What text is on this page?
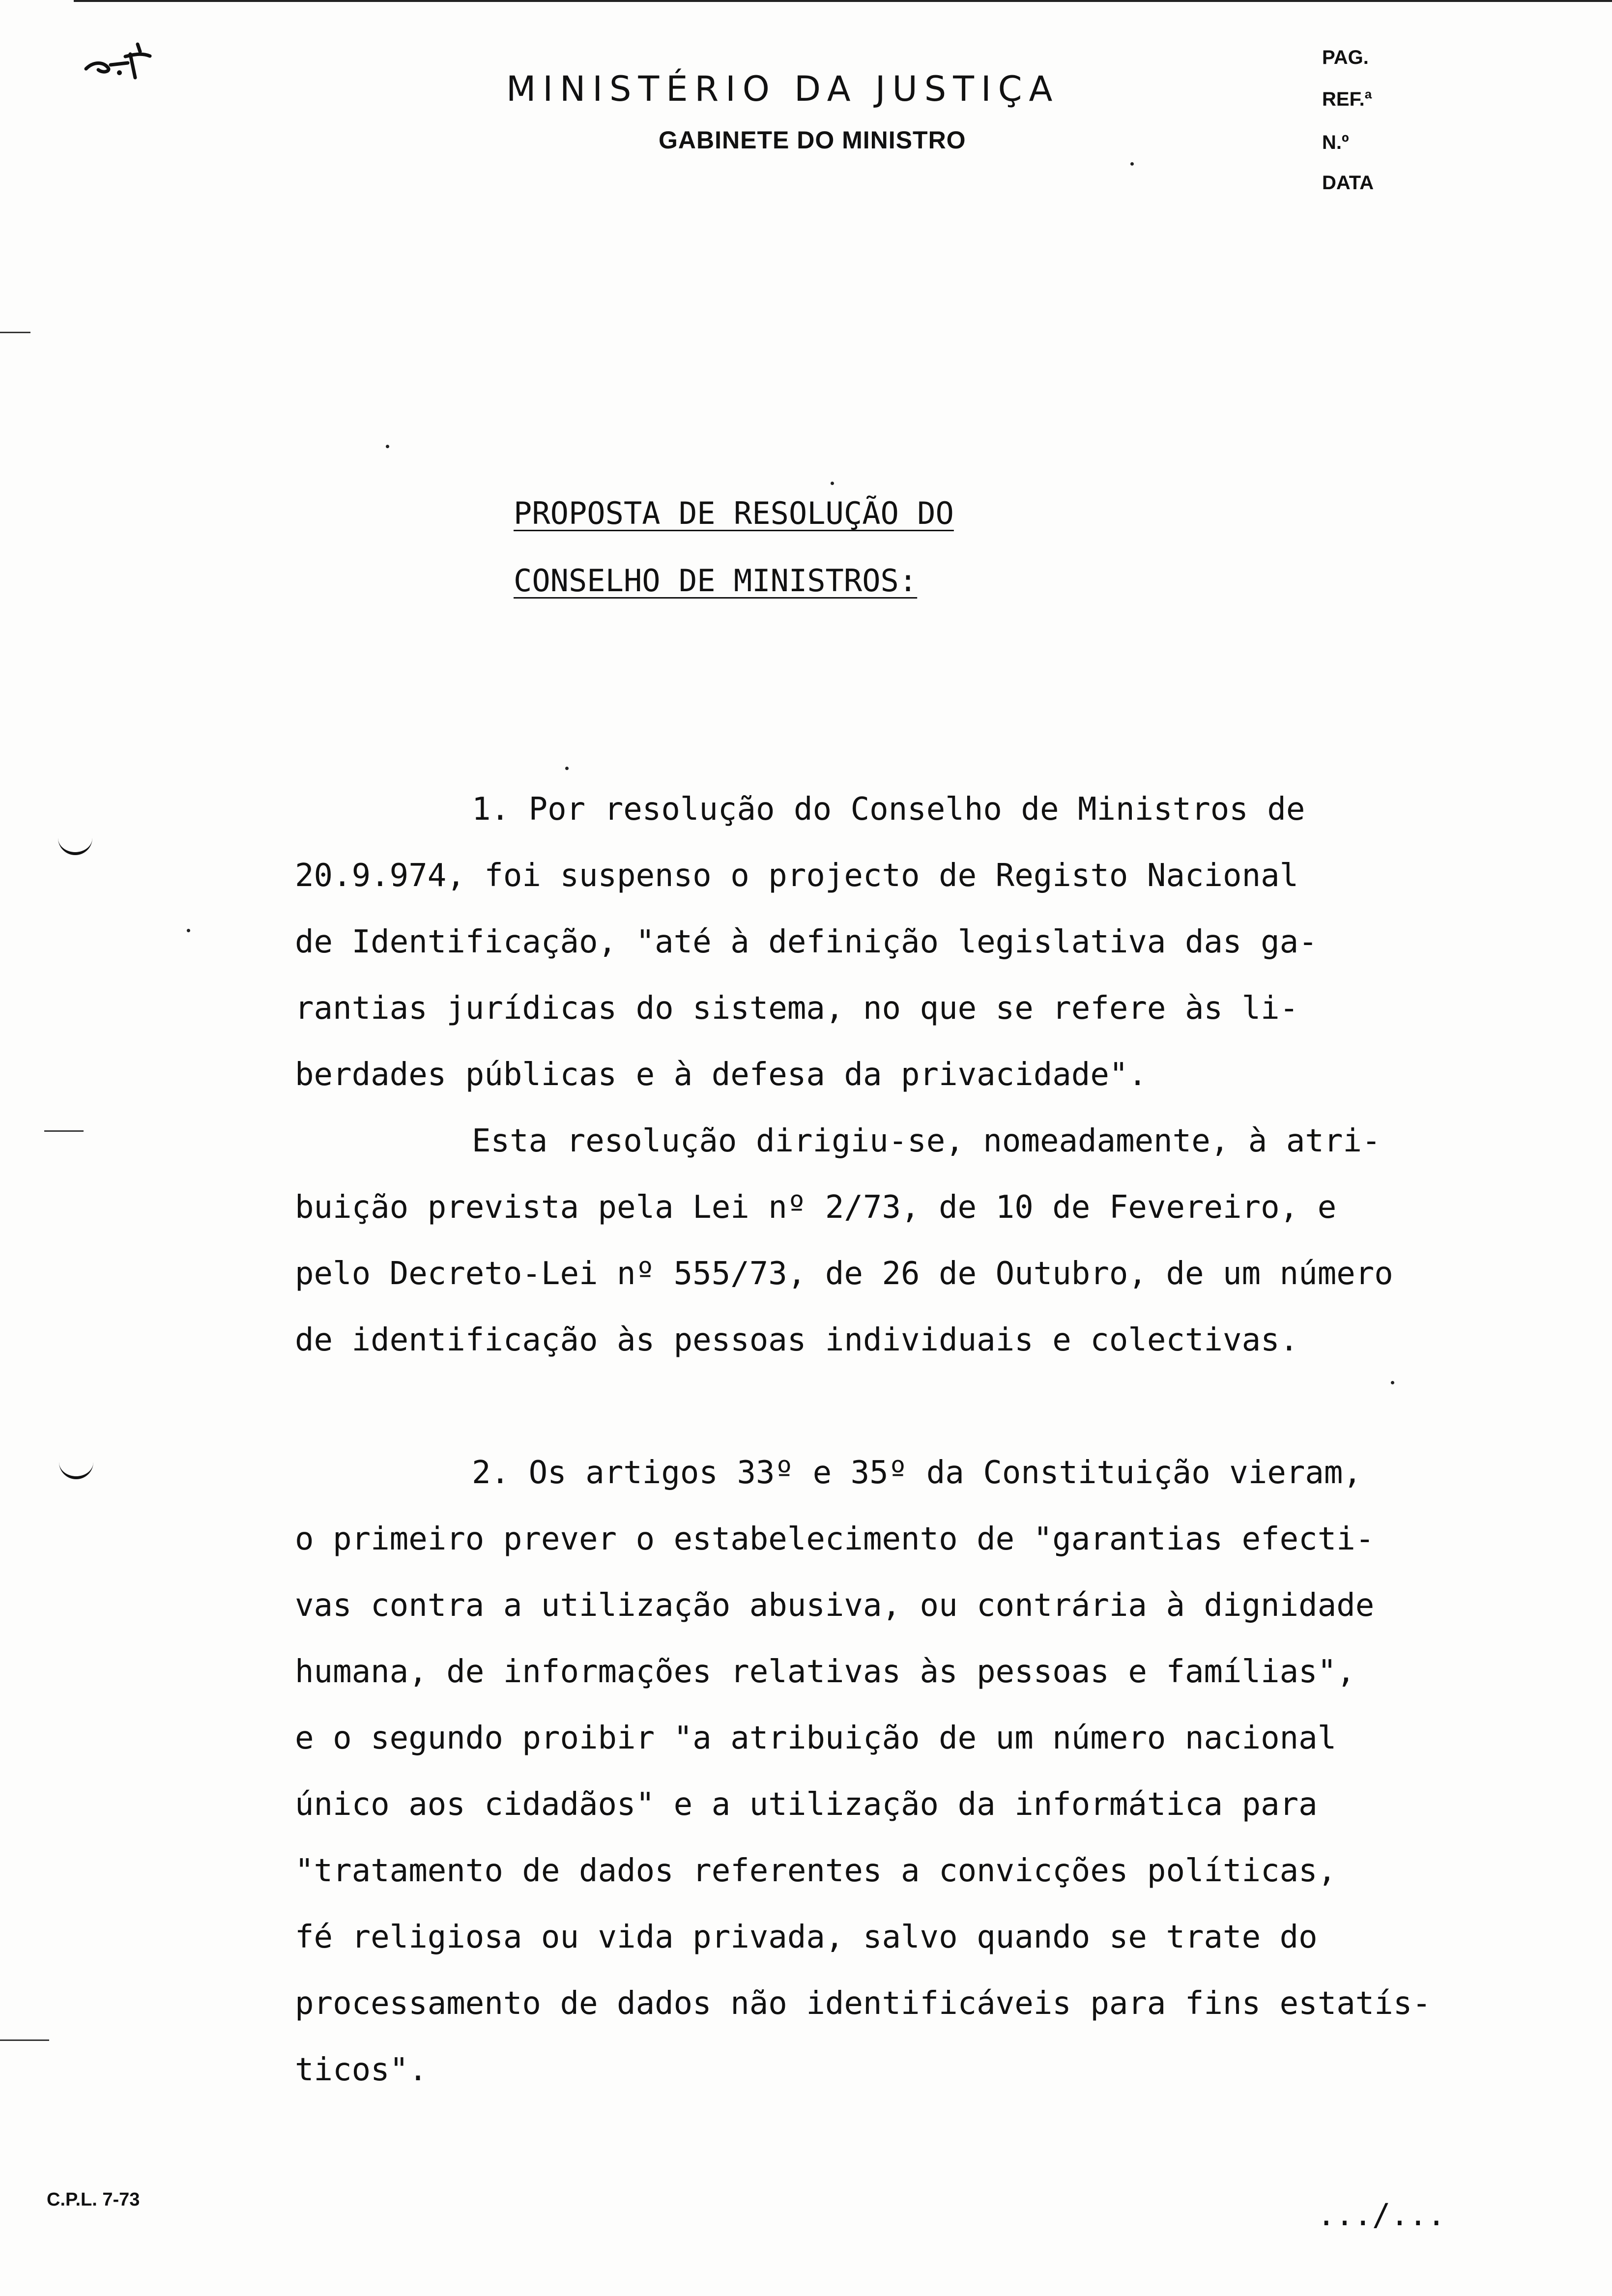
MINISTÉRIO DA JUSTIÇA
GABINETE DO MINISTRO
PAG.
REF.ª
N.º
DATA
PROPOSTA DE RESOLUÇÃO DO
CONSELHO DE MINISTROS:
1. Por resolução do Conselho de Ministros de
20.9.974, foi suspenso o projecto de Registo Nacional
de Identificação, "até à definição legislativa das ga-
rantias jurídicas do sistema, no que se refere às li-
berdades públicas e à defesa da privacidade".
Esta resolução dirigiu-se, nomeadamente, à atri-
buição prevista pela Lei nº 2/73, de 10 de Fevereiro, e
pelo Decreto-Lei nº 555/73, de 26 de Outubro, de um número
de identificação às pessoas individuais e colectivas.
2. Os artigos 33º e 35º da Constituição vieram,
o primeiro prever o estabelecimento de "garantias efecti-
vas contra a utilização abusiva, ou contrária à dignidade
humana, de informações relativas às pessoas e famílias",
e o segundo proibir "a atribuição de um número nacional
único aos cidadãos" e a utilização da informática para
"tratamento de dados referentes a convicções políticas,
fé religiosa ou vida privada, salvo quando se trate do
processamento de dados não identificáveis para fins estatís-
ticos".
C.P.L. 7-73	.../...
